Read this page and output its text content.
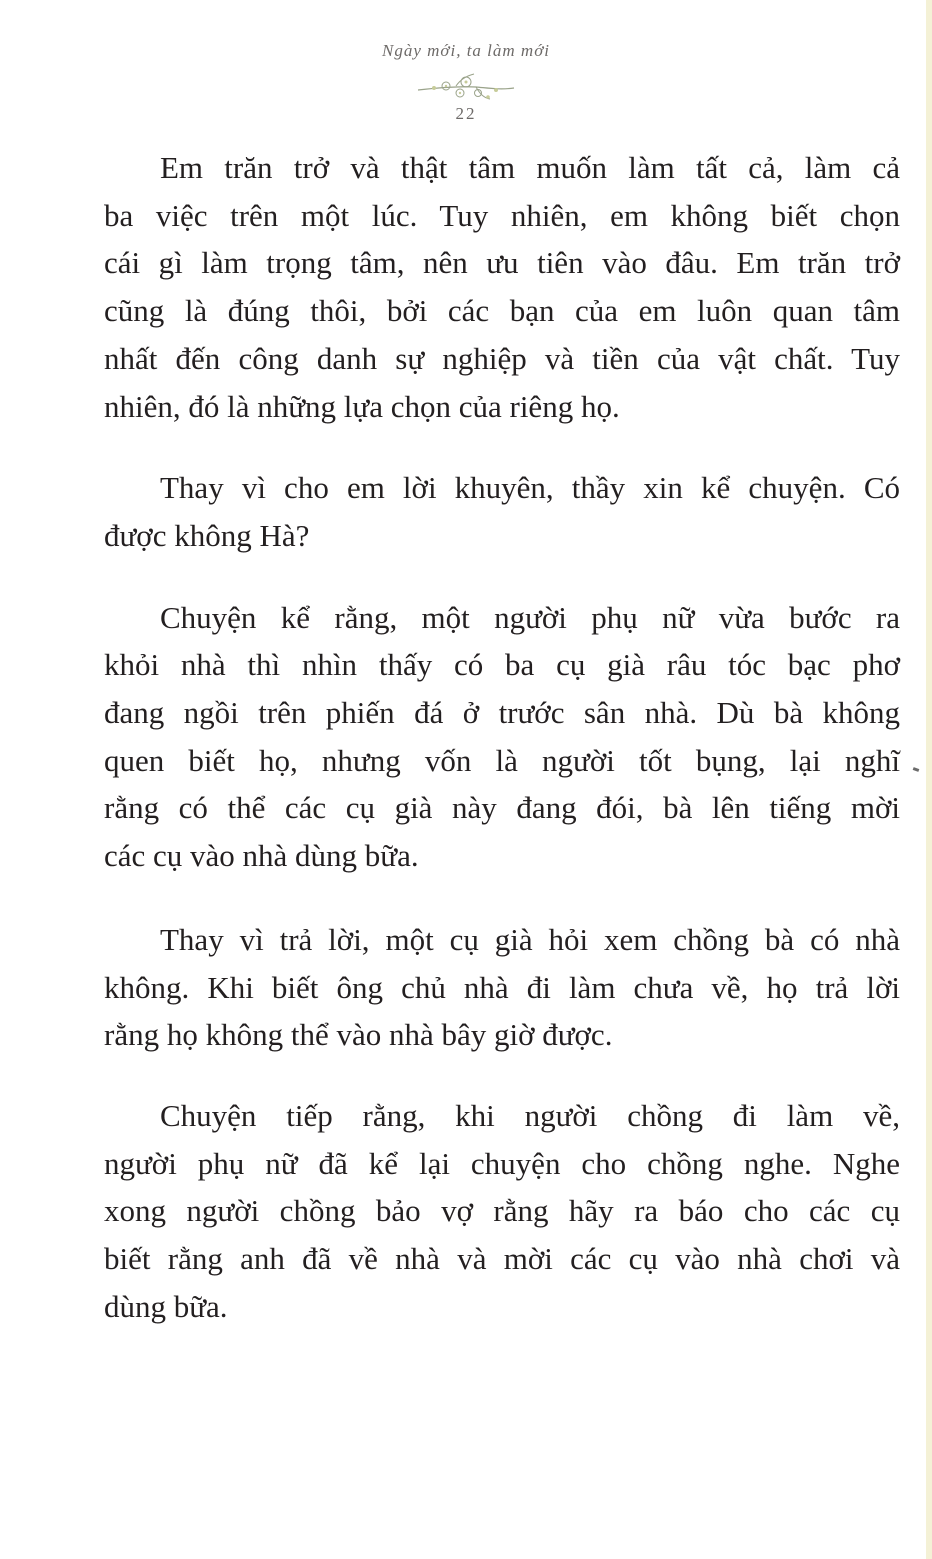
Ngày mới, ta làm mới
22

Em trăn trở và thật tâm muốn làm tất cả, làm cả
ba việc trên một lúc. Tuy nhiên, em không biết chọn
cái gì làm trọng tâm, nên ưu tiên vào đâu. Em trăn trở
cũng là đúng thôi, bởi các bạn của em luôn quan tâm
nhất đến công danh sự nghiệp và tiền của vật chất. Tuy
nhiên, đó là những lựa chọn của riêng họ.

Thay vì cho em lời khuyên, thầy xin kể chuyện. Có
được không Hà?

Chuyện kể rằng, một người phụ nữ vừa bước ra
khỏi nhà thì nhìn thấy có ba cụ già râu tóc bạc phơ
đang ngồi trên phiến đá ở trước sân nhà. Dù bà không
quen biết họ, nhưng vốn là người tốt bụng, lại nghĩ
rằng có thể các cụ già này đang đói, bà lên tiếng mời
các cụ vào nhà dùng bữa.

Thay vì trả lời, một cụ già hỏi xem chồng bà có nhà
không. Khi biết ông chủ nhà đi làm chưa về, họ trả lời
rằng họ không thể vào nhà bây giờ được.

Chuyện tiếp rằng, khi người chồng đi làm về,
người phụ nữ đã kể lại chuyện cho chồng nghe. Nghe
xong người chồng bảo vợ rằng hãy ra báo cho các cụ
biết rằng anh đã về nhà và mời các cụ vào nhà chơi và
dùng bữa.
